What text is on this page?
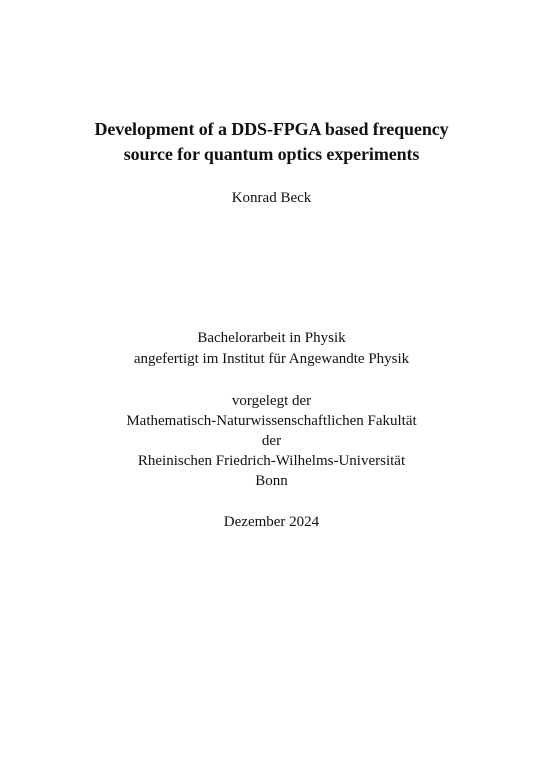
Development of a DDS-FPGA based frequency
source for quantum optics experiments
Konrad Beck
Bachelorarbeit in Physik
angefertigt im Institut für Angewandte Physik
vorgelegt der
Mathematisch-Naturwissenschaftlichen Fakultät
der
Rheinischen Friedrich-Wilhelms-Universität
Bonn
Dezember 2024
